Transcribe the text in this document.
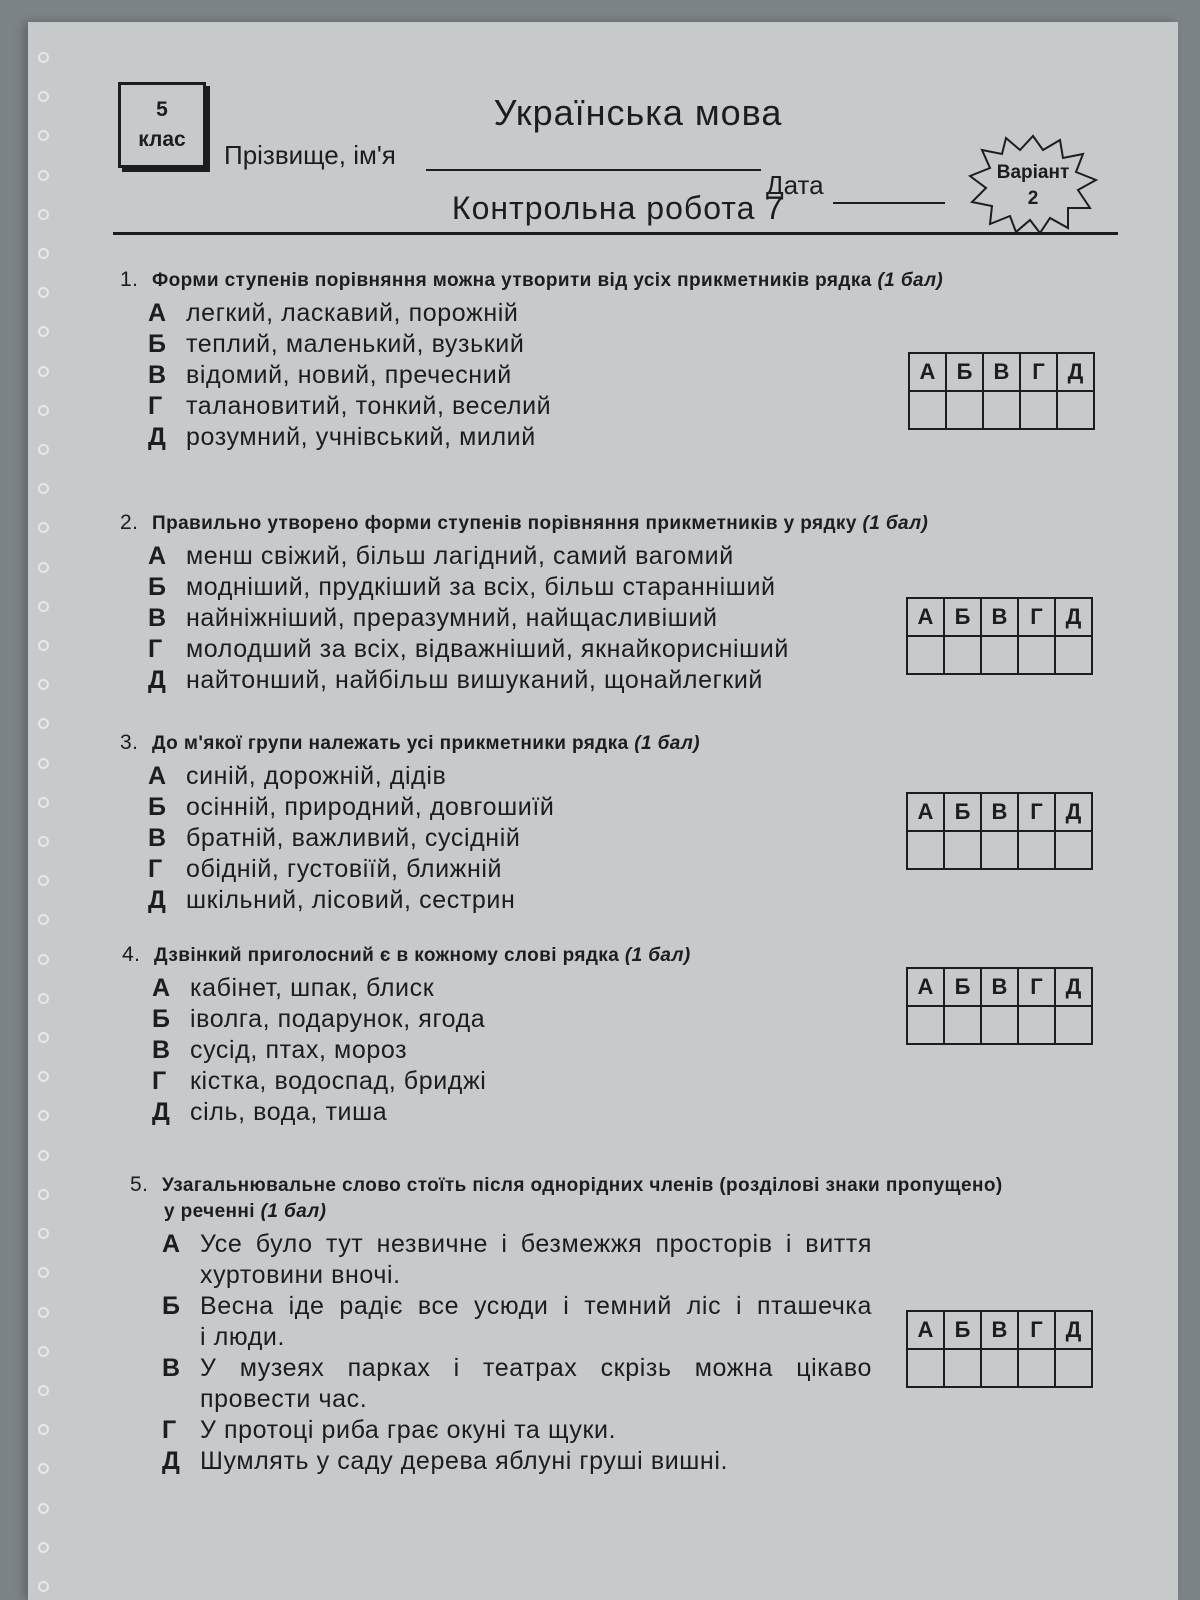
5
клас
Українська мова
Прізвище, ім'я
Дата
Контрольна робота 7
Варіант
2
1. Форми ступенів порівняння можна утворити від усіх прикметників рядка (1 бал)
А легкий, ласкавий, порожній
Б теплий, маленький, вузький
В відомий, новий, пречесний
Г талановитий, тонкий, веселий
Д розумний, учнівський, милий
А	Б	В	Г	Д

2. Правильно утворено форми ступенів порівняння прикметників у рядку (1 бал)
А менш свіжий, більш лагідний, самий вагомий
Б модніший, прудкіший за всіх, більш старанніший
В найніжніший, преразумний, найщасливіший
Г молодший за всіх, відважніший, якнайкорисніший
Д найтонший, найбільш вишуканий, щонайлегкий
А	Б	В	Г	Д

3. До м'якої групи належать усі прикметники рядка (1 бал)
А синій, дорожній, дідів
Б осінній, природний, довгошиїй
В братній, важливий, сусідній
Г обідній, густовіїй, ближній
Д шкільний, лісовий, сестрин
А	Б	В	Г	Д

4. Дзвінкий приголосний є в кожному слові рядка (1 бал)
А кабінет, шпак, блиск
Б іволга, подарунок, ягода
В сусід, птах, мороз
Г кістка, водоспад, бриджі
Д сіль, вода, тиша
А	Б	В	Г	Д

5. Узагальнювальне слово стоїть після однорідних членів (розділові знаки пропущено)
у реченні (1 бал)
А Усе було тут незвичне і безмежжя просторів і виття
хуртовини вночі.
Б Весна іде радіє все усюди і темний ліс і пташечка
і люди.
В У музеях парках і театрах скрізь можна цікаво
провести час.
Г У протоці риба грає окуні та щуки.
Д Шумлять у саду дерева яблуні груші вишні.
А	Б	В	Г	Д
